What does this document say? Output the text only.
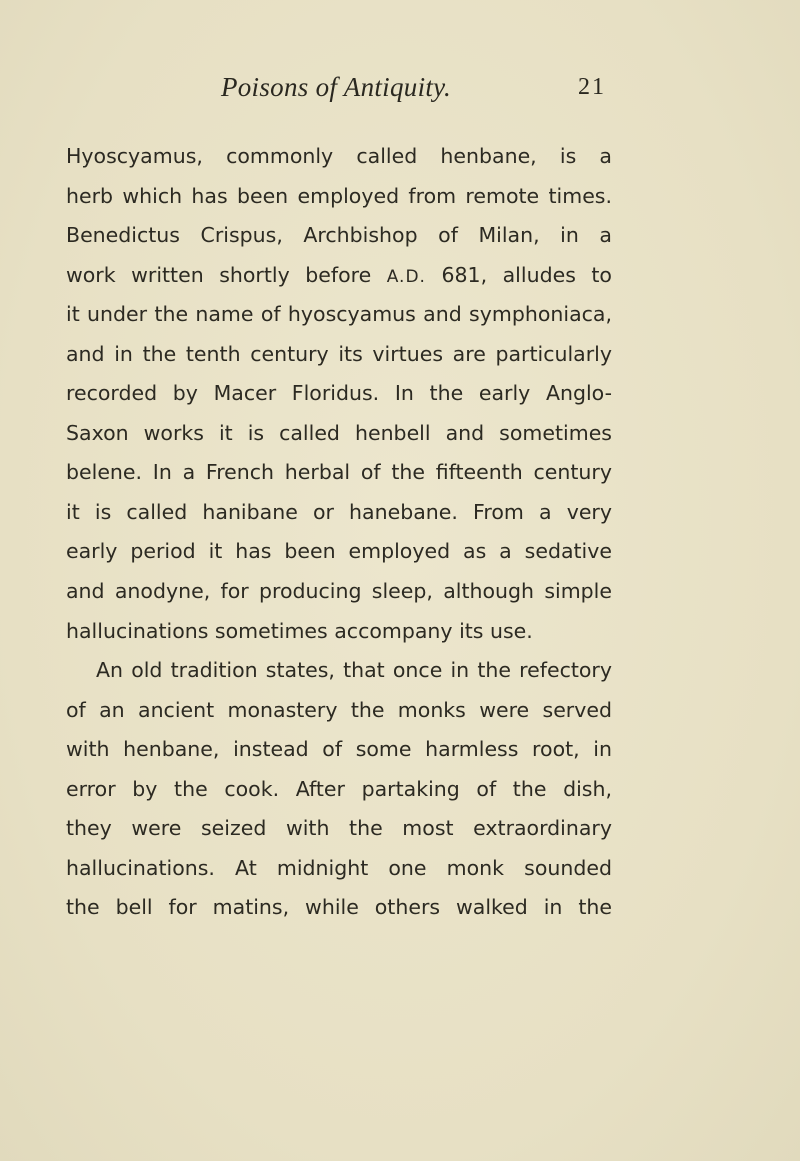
Poisons of Antiquity.	21
Hyoscyamus, commonly called henbane, is a
herb which has been employed from remote times.
Benedictus Crispus, Archbishop of Milan, in a
work written shortly before A.D. 681, alludes to
it under the name of hyoscyamus and symphoniaca,
and in the tenth century its virtues are particularly
recorded by Macer Floridus. In the early Anglo-
Saxon works it is called henbell and sometimes
belene. In a French herbal of the fifteenth century
it is called hanibane or hanebane. From a very
early period it has been employed as a sedative
and anodyne, for producing sleep, although simple
hallucinations sometimes accompany its use.
An old tradition states, that once in the refectory
of an ancient monastery the monks were served
with henbane, instead of some harmless root, in
error by the cook. After partaking of the dish,
they were seized with the most extraordinary
hallucinations. At midnight one monk sounded
the bell for matins, while others walked in the
